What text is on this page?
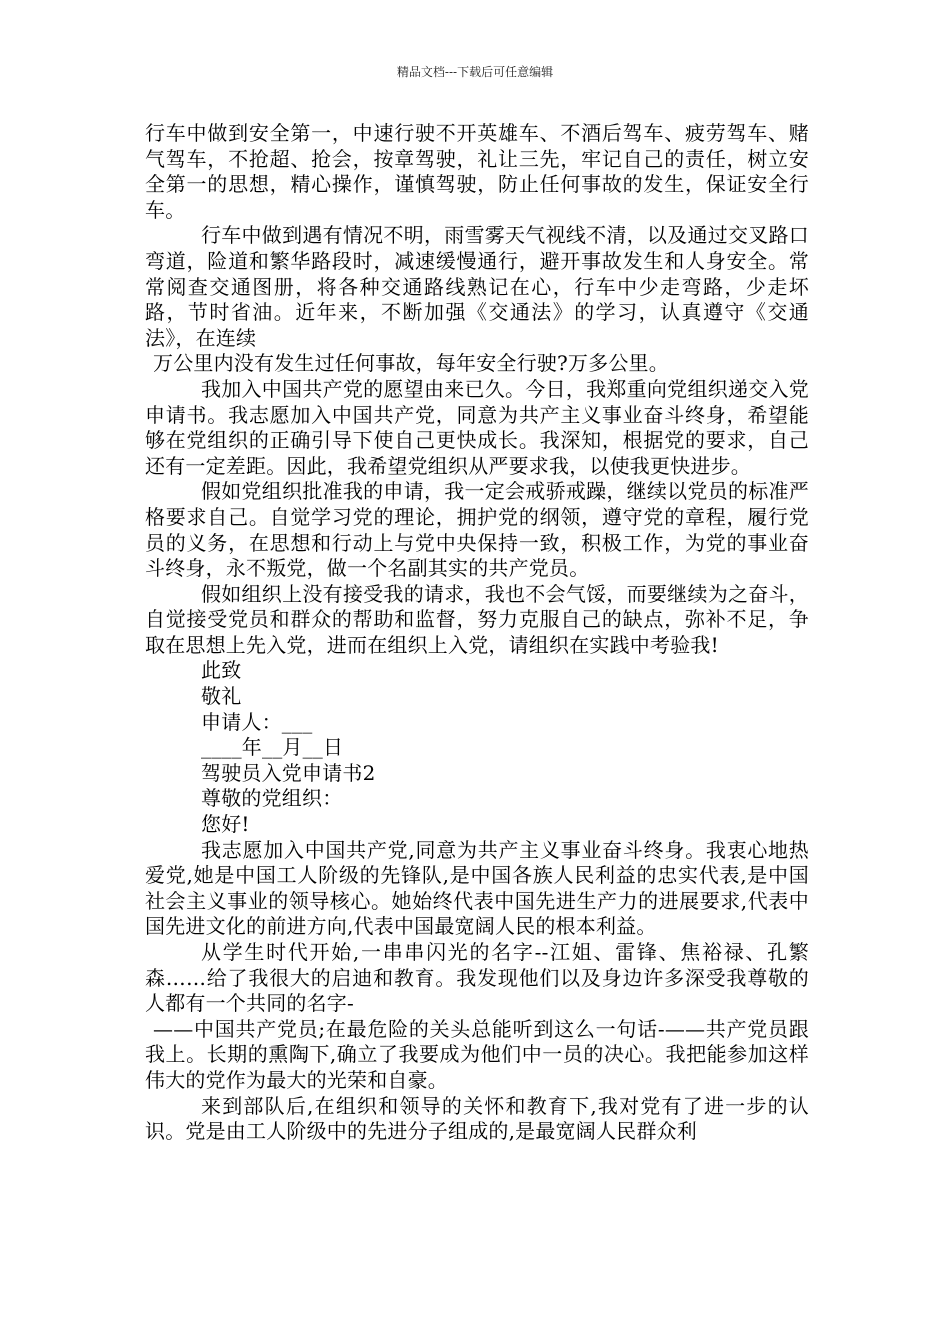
精品文档---下载后可任意编辑

行车中做到安全第一，中速行驶不开英雄车、不酒后驾车、疲劳驾车、赌气驾车，不抢超、抢会，按章驾驶，礼让三先，牢记自己的责任，树立安全第一的思想，精心操作，谨慎驾驶，防止任何事故的发生，保证安全行车。

行车中做到遇有情况不明，雨雪雾天气视线不清，以及通过交叉路口弯道，险道和繁华路段时，减速缓慢通行，避开事故发生和人身安全。常常阅查交通图册，将各种交通路线熟记在心，行车中少走弯路，少走坏路，节时省油。近年来，不断加强《交通法》的学习，认真遵守《交通法》，在连续

万公里内没有发生过任何事故，每年安全行驶?万多公里。

我加入中国共产党的愿望由来已久。今日，我郑重向党组织递交入党申请书。我志愿加入中国共产党，同意为共产主义事业奋斗终身，希望能够在党组织的正确引导下使自己更快成长。我深知，根据党的要求，自己还有一定差距。因此，我希望党组织从严要求我，以使我更快进步。

假如党组织批准我的申请，我一定会戒骄戒躁，继续以党员的标准严格要求自己。自觉学习党的理论，拥护党的纲领，遵守党的章程，履行党员的义务，在思想和行动上与党中央保持一致，积极工作，为党的事业奋斗终身，永不叛党，做一个名副其实的共产党员。

假如组织上没有接受我的请求，我也不会气馁，而要继续为之奋斗，自觉接受党员和群众的帮助和监督，努力克服自己的缺点，弥补不足，争取在思想上先入党，进而在组织上入党，请组织在实践中考验我!

此致

敬礼

申请人：___

____年__月__日

驾驶员入党申请书2

尊敬的党组织：

您好!

我志愿加入中国共产党,同意为共产主义事业奋斗终身。我衷心地热爱党,她是中国工人阶级的先锋队,是中国各族人民利益的忠实代表,是中国社会主义事业的领导核心。她始终代表中国先进生产力的进展要求,代表中国先进文化的前进方向,代表中国最宽阔人民的根本利益。

从学生时代开始,一串串闪光的名字--江姐、雷锋、焦裕禄、孔繁森……给了我很大的启迪和教育。我发现他们以及身边许多深受我尊敬的人都有一个共同的名字-

——中国共产党员;在最危险的关头总能听到这么一句话-——共产党员跟我上。长期的熏陶下,确立了我要成为他们中一员的决心。我把能参加这样伟大的党作为最大的光荣和自豪。

来到部队后,在组织和领导的关怀和教育下,我对党有了进一步的认识。党是由工人阶级中的先进分子组成的,是最宽阔人民群众利
